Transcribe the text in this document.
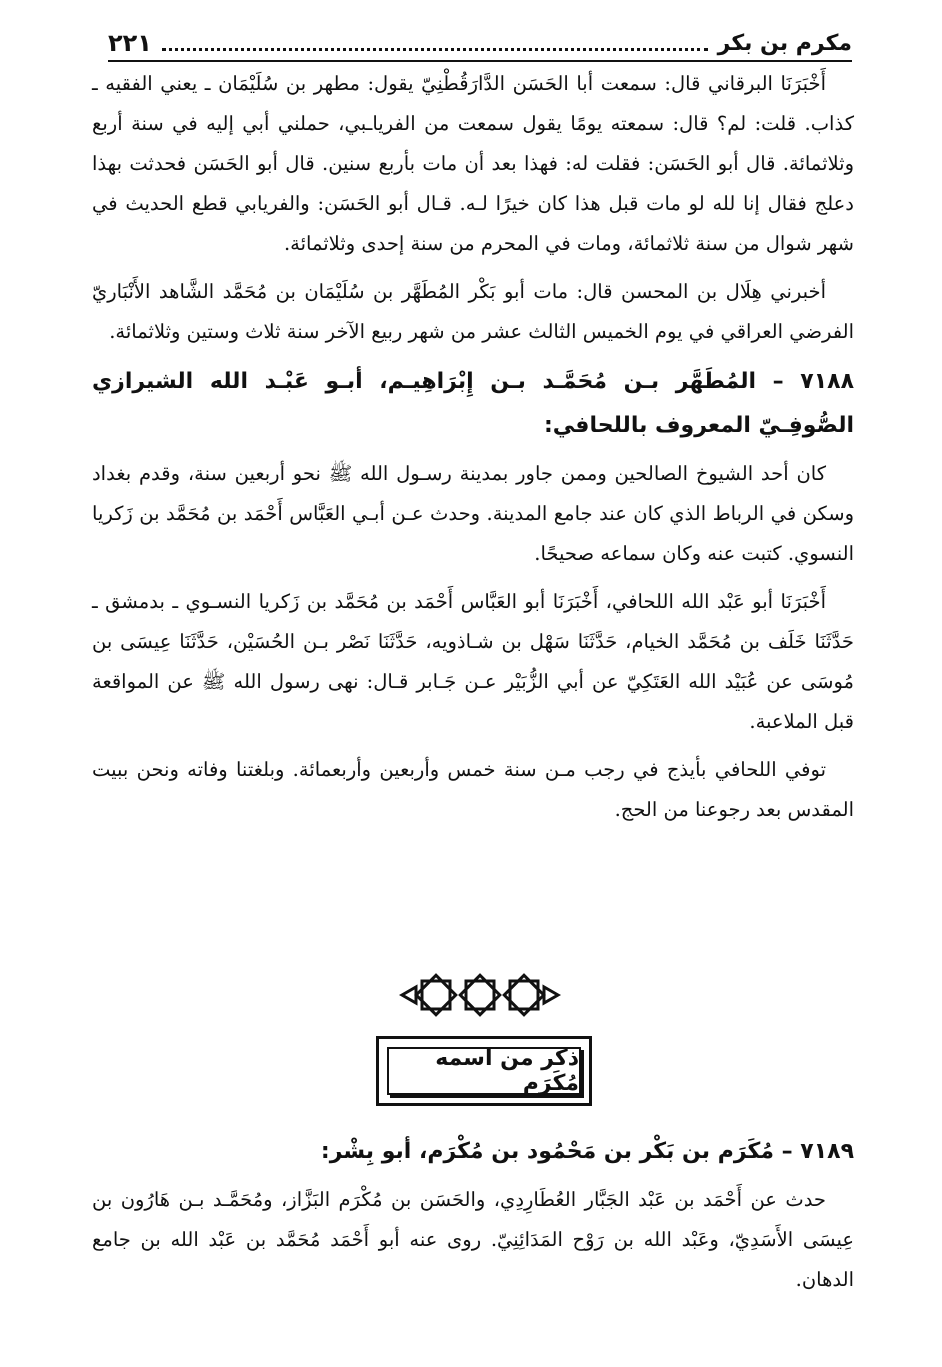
٢٢١	مكرم بن بكر

أَخْبَرَنَا البرقاني قال: سمعت أبا الحَسَن الدَّارَقُطْنِيّ يقول: مطهر بن سُلَيْمَان ـ يعني الفقيه ـ كذاب. قلت: لم؟ قال: سمعته يومًا يقول سمعت من الفرياـبي، حملني أبي إليه في سنة أربع وثلاثمائة. قال أبو الحَسَن: فقلت له: فهذا بعد أن مات بأربع سنين. قال أبو الحَسَن فحدثت بهذا دعلج فقال إنا لله لو مات قبل هذا كان خيرًا لـه. قـال أبو الحَسَن: والفريابي قطع الحديث في شهر شوال من سنة ثلاثمائة، ومات في المحرم من سنة إحدى وثلاثمائة.

أخبرني هِلَال بن المحسن قال: مات أبو بَكْر المُطَهَّر بن سُلَيْمَان بن مُحَمَّد الشَّاهد الأَنْبَاريّ الفرضي العراقي في يوم الخميس الثالث عشر من شهر ربيع الآخر سنة ثلاث وستين وثلاثمائة.

٧١٨٨ – المُطَهَّر بـن مُحَمَّـد بـن إِبْرَاهِيـم، أبـو عَبْـد الله الشيرازي الصُّوفِـيّ المعروف باللحافي:

كان أحد الشيوخ الصالحين وممن جاور بمدينة رسـول الله ﷺ نحو أربعين سنة، وقدم بغداد وسكن في الرباط الذي كان عند جامع المدينة. وحدث عـن أبـي العَبَّاس أَحْمَد بن مُحَمَّد بن زَكريا النسوي. كتبت عنه وكان سماعه صحيحًا.

أَخْبَرَنَا أبو عَبْد الله اللحافي، أَخْبَرَنَا أبو العَبَّاس أَحْمَد بن مُحَمَّد بن زَكريا النسـوي ـ بدمشق ـ حَدَّثَنَا خَلَف بن مُحَمَّد الخيام، حَدَّثَنَا سَهْل بن شـاذويه، حَدَّثَنَا نَصْر بـن الحُسَيْن، حَدَّثَنَا عِيسَى بن مُوسَى عن عُبَيْد الله العَتَكِيّ عن أبي الزُّبَيْر عـن جَـابر قـال: نهى رسول الله ﷺ عن المواقعة قبل الملاعبة.

توفي اللحافي بأيذج في رجب مـن سنة خمس وأربعين وأربعمائة. وبلغتنا وفاته ونحن ببيت المقدس بعد رجوعنا من الحج.

ذكر من اسمه مُكَرَم
٧١٨٩ – مُكَرَم بن بَكْر بن مَحْمُود بن مُكْرَم، أبو بِشْر:

حدث عن أَحْمَد بن عَبْد الجَبَّار العُطَارِدِي، والحَسَن بن مُكْرَم البَزَّاز، ومُحَمَّـد بـن هَارُون بن عِيسَى الأَسَدِيّ، وعَبْد الله بن رَوْح المَدَائِنِيّ. روى عنه أبو أَحْمَد مُحَمَّد بن عَبْد الله بن جامع الدهان.
